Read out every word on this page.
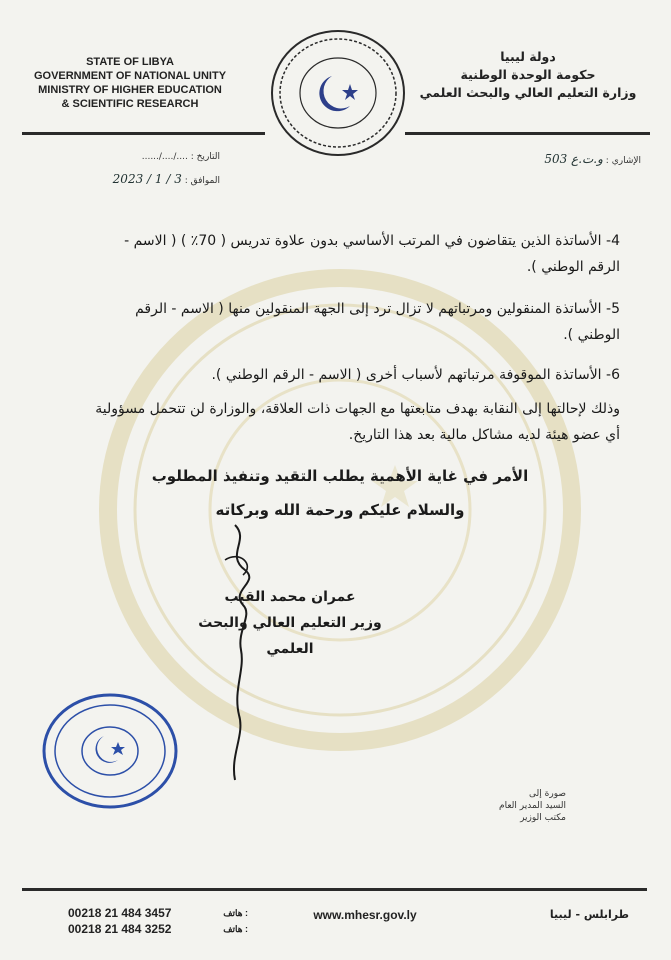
STATE OF LIBYA
GOVERNMENT OF NATIONAL UNITY
MINISTRY OF HIGHER EDUCATION
& SCIENTIFIC RESEARCH
دولة ليبيا
حكومة الوحدة الوطنية
وزارة التعليم العالي والبحث العلمي
التاريخ : ..../..../......
الموافق : 2023 / 1 / 3
الإشاري : و.ت.ع 503
4- الأساتذة الذين يتقاضون في المرتب الأساسي بدون علاوة تدريس ( 70٪ ) ( الاسم - الرقم الوطني ).
5- الأساتذة المنقولين ومرتباتهم لا تزال ترد إلى الجهة المنقولين منها ( الاسم - الرقم الوطني ).
6- الأساتذة الموقوفة مرتباتهم لأسباب أخرى ( الاسم - الرقم الوطني ).
وذلك لإحالتها إلى النقابة بهدف متابعتها مع الجهات ذات العلاقة، والوزارة لن تتحمل مسؤولية أي عضو هيئة لديه مشاكل مالية بعد هذا التاريخ.
الأمر في غاية الأهمية يطلب التقيد وتنفيذ المطلوب
والسلام عليكم ورحمة الله وبركاته
عمران محمد القيب
وزير التعليم العالي والبحث العلمي
صورة إلى
السيد المدير العام
مكتب الوزير
00218 21 484 3457	هاتف :
00218 21 484 3252	هاتف :
www.mhesr.gov.ly	طرابلس - ليبيا
